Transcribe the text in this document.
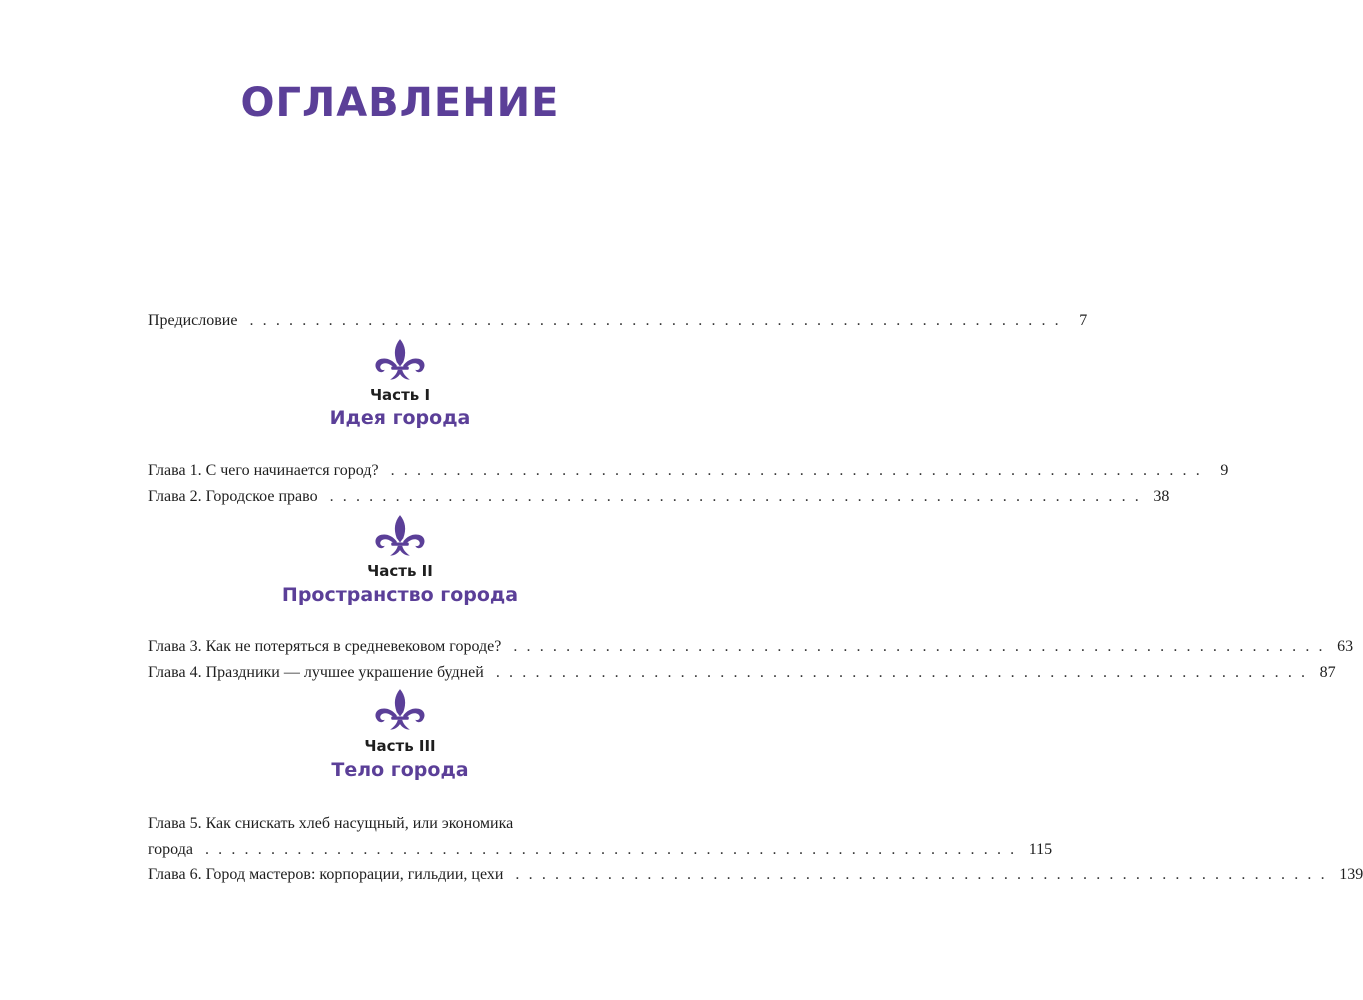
ОГЛАВЛЕНИЕ
Предисловие . . . . . . . . . . . . . . . . . . . . . . . . . . . . . . . . . . . . . . . . . . . . . . . . . . . . . . . . . . . . . .	7
Часть I
Идея города
Глава 1. С чего начинается город? . . . . . . . . . . . . . . . . . . . . . . . . . . . . . . . . . . . . . . . . . . . . . . . . . . . . . . . . . . . . . .	9
Глава 2. Городское право . . . . . . . . . . . . . . . . . . . . . . . . . . . . . . . . . . . . . . . . . . . . . . . . . . . . . . . . . . . . . . 38
Часть II
Пространство города
Глава 3. Как не потеряться в средневековом городе? . . . . . . . . . . . . . . . . . . . . . . . . . . . . . . . . . . . . . . . . . . . . . . . . . . . . . . . . . . . . . . 63
Глава 4. Праздники — лучшее украшение будней . . . . . . . . . . . . . . . . . . . . . . . . . . . . . . . . . . . . . . . . . . . . . . . . . . . . . . . . . . . . . . 87
Часть III
Тело города
Глава 5. Как снискать хлеб насущный, или экономика
города . . . . . . . . . . . . . . . . . . . . . . . . . . . . . . . . . . . . . . . . . . . . . . . . . . . . . . . . . . . . . . 115
Глава 6. Город мастеров: корпорации, гильдии, цехи . . . . . . . . . . . . . . . . . . . . . . . . . . . . . . . . . . . . . . . . . . . . . . . . . . . . . . . . . . . . . . 139
